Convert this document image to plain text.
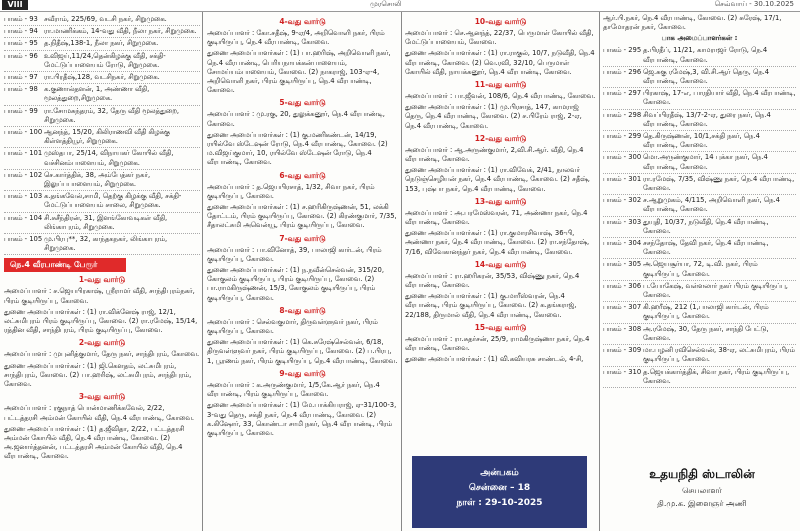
VIII	முரசொலி	செவ்வாய் - 30.10.2025
பாகம் - 93 சவீராம், 225/69, வடசி நகர், சிறுமுகை.
பாகம் - 94 ரா.மாணிக்கம், 14-வது வீதி, நீலா நகர், சிறுமுகை.
பாகம் - 95 த.நிதீஷ்,138-1, நீலா நகர், சிறுமுகை.
பாகம் - 96 உவிஜய்,11/24,தென்கிழக்கு வீதி, சக்தி-மேட்டுப்பாளையம் ரோடு, சிறுமுகை.
பாகம் - 97 ரா.பிரதீஷ்,128, வடசிநகர், சிறுமுகை.
பாகம் - 98 க.குணால்தளன், 1, அண்ணா வீதி, மூலத்துறை,சிறுமுகை.
பாகம் - 99 ரா.சோமசுந்தரம், 32, தேரு வீதி மூலத்துறை, சிறுமுகை.
பாகம் - 100 ஆனந்த், 15/20, கிலிராணவி வீதி கிழக்கு கிள்ளத்தியூர், சிறுமுகை.
பாகம் - 101 முஸ்தபா, 25/14, விநாயகர் கோயில் வீதி, வச்சினம்பாளையம், சிறுமுகை.
பாகம் - 102 செ.கார்த்திக், 38, அம்பேத்கர் நகர், இலுப்பபாளையம், சிறுமுகை.
பாகம் - 103 க.தங்கவேல்,சாமி, தெற்கு கிழக்கு வீதி, சக்தி-மேட்டுப்பாளையம் சாலை, சிறுமுகை.
பாகம் - 104 சி.சுசீந்திரன், 31, இளங்கோவடிகள் வீதி, லிங்காபுரம், சிறுமுகை.
பாகம் - 105 மு.பிரபு**, 32, காந்தகநகர், லிங்காபுரம், சிறுமுகை.
நெ.4 வீரபாண்டி பேரூர்
1-வது வார்டு

அமைப்பாளர் : ச.ஜெயபிரகாஷ், ஸ்ரீராமர் வீதி, சாந்திபுரம்நகர், பிரம் குடியிருப்பு, கோவை.

துணை அமைப்பாளர்கள் : (1) ரா.விக்னேஷ் ராஜ், 12/1, லட்சுமிபுரம் பிரம் குடியிருப்பு, கோவை. (2) ரா.ரமேஷ், 15/14, ரத்தின வீதி, சாந்திபுரம், பிரம் குடியிருப்பு, கோவை.

2-வது வார்டு

அமைப்பாளர் : முபுனித்குமார், தேரு நகர், சாந்திபுரம், கோவை.

துணை அமைப்பாளர்கள் : (1) ஜி.கௌதம், லட்சுமிபுரம், சாந்திபுரம், கோவை. (2) பா.ஹரிஷ், லட்சுமிபுரம், சாந்திபுரம், கோவை.

3-வது வார்டு

அமைப்பாளர் : ரகுநாத் பொன்மாணிக்கவேல், 2/22, பட்டத்தரசி அம்மன் கோயில் வீதி, நெ.4 வீரபாண்டி, கோவை.

துணை அமைப்பாளர்கள் : (1) த.ஜீவிதா, 2/22, பட்டத்தரசி அம்மன் கோயில் வீதி, நெ.4 வீரபாண்டி, கோவை. (2) அ.ஜனார்த்தனன், பட்டத்தரசி அம்மன் கோயில் வீதி, நெ.4 வீரபாண்டி, கோவை.

4-வது வார்டு

அமைப்பாளர் : கோ.சதீஷ், 9-ஏ/4, அறிவொளி நகர், பிரம் குடியிருப்பு, நெ.4 வீரபாண்டி, கோவை.

துணை அமைப்பாளர்கள் : (1) பா.ஹரிஷ், அறிவொளி நகர், நெ.4 வீரபாண்டி, பெரியநாயக்கன்பாளையம், சோமய்யம்பாளையம், கோவை. (2) நாகராஜ், 103-ஏ-4, அறிவொளி நகர், பிரம் குடியிருப்பு, நெ.4 வீரபாண்டி, கோவை.

5-வது வார்டு

அமைப்பாளர் : மு.ரகு, 20, துலுக்கனூர், நெ.4 வீரபாண்டி, கோவை.

துணை அமைப்பாளர்கள் : (1) கு.மணிகண்டன், 14/19, ரயில்வே ஸ்டேஷன் ரோடு, நெ.4 வீரபாண்டி, கோவை. (2) ம.விஜய்குமார், 10, ரயில்வே ஸ்டேஷன் ரோடு, நெ.4 வீரபாண்டி, கோவை.

6-வது வார்டு

அமைப்பாளர் : த.ஜெயபிரசாத், 1/32, சிவா நகர், பிரம் குடியிருப்பு, கோவை.

துணை அமைப்பாளர்கள் : (1) ச.ஹரிகிருஷ்ணன், 51, லக்கி தோட்டம், பிரம் குடியிருப்பு, கோவை. (2) கிரண்குமார், 7/35, சீதாலட்சுமி அவென்யூ, பிரம் குடியிருப்பு, கோவை.

7-வது வார்டு

அமைப்பாளர் : பா.வினோத், 39, பாலாஜி கார்டன், பிரம் குடியிருப்பு, கோவை.

துணை அமைப்பாளர்கள் : (1) ந.நவீன்செல்வன், 315/20, கோகுலம் குடியிருப்பு, பிரம் குடியிருப்பு, கோவை. (2) பா.ராமகிருஷ்ணன், 15/3, கோகுலம் குடியிருப்பு, பிரம் குடியிருப்பு, கோவை.

8-வது வார்டு

அமைப்பாளர் : செல்வகுமார், திருவள்ளுவர் நகர், பிரம் குடியிருப்பு, கோவை.

துணை அமைப்பாளர்கள் : (1) கெ.சுரேஷ்செல்வன், 6/18, திருவள்ளுவர் நகர், பிரம் குடியிருப்பு, கோவை. (2) ப.பிரபு, 1, பூரணம் நகர், பிரம் குடியிருப்பு, நெ.4 வீரபாண்டி, கோவை.

9-வது வார்டு

அமைப்பாளர் : க.அருண்குமார், 1/5,கே.ஆர் நகர், நெ.4 வீரபாண்டி, பிரம் குடியிருப்பு, கோவை.

துணை அமைப்பாளர்கள் : (1) மே.பாக்கியராஜ், ஏ-31/100-3, 3-வது தெரு, சக்தி நகர், நெ.4 வீரபாண்டி, கோவை. (2) க.கிஷோர், 33, கொண்டா சாமி நகர், நெ.4 வீரபாண்டி, பிரம் குடியிருப்பு, கோவை.

10-வது வார்டு

அமைப்பாளர் : செ.ஆனந்த், 22/37, பெருமாள் கோயில் வீதி, மேட்டுப்பாளையம், கோவை.

துணை அமைப்பாளர்கள் : (1) ரா.ராகுல், 10/7, நடுவீதி, நெ.4 வீரபாண்டி, கோவை. (2) வெ.ரவி, 32/10, பெருமாள் கோயில் வீதி, நாயக்கனூர், நெ.4 வீரபாண்டி, கோவை.

11-வது வார்டு

அமைப்பாளர் : பா.ஜீவன், 108/6, நெ.4 வீரபாண்டி, கோவை.

துணை அமைப்பாளர்கள் : (1) மு.பிரசாத், 147, காமராஜ் தெரு, நெ.4 வீரபாண்டி, கோவை. (2) ச.பிரேம் ராஜ், 2-ஏ, நெ.4 வீரபாண்டி, கோவை.

12-வது வார்டு

அமைப்பாளர் : ஆ.அருண்குமார், 2,வி.சி.ஆர். வீதி, நெ.4 வீரபாண்டி, கோவை.

துணை அமைப்பாளர்கள் : (1) ரா.விவேக், 2/41, நாலவர் நெடுஞ்செழியன் நகர், நெ.4 வீரபாண்டி, கோவை. (2) சதீஷ், 153, புஷ்பா நகர், நெ.4 வீரபாண்டி, கோவை.

13-வது வார்டு

அமைப்பாளர் : அ.பரமேஸ்வரன், 71, அண்ணா நகர், நெ.4 வீரபாண்டி, கோவை.

துணை அமைப்பாளர்கள் : (1) ரா.குமாரசிவாஷ், 36-பி, அண்ணா நகர், நெ.4 வீரபாண்டி, கோவை. (2) ரா.சந்தோஷ், 7/16, விவேகானந்தர் நகர், நெ.4 வீரபாண்டி, கோவை.

14-வது வார்டு

அமைப்பாளர் : ரா.ஹரிகரன், 35/53, விஷ்ணு நகர், நெ.4 வீரபாண்டி, கோவை.

துணை அமைப்பாளர்கள் : (1) கு.மாரீஸ்வரன், நெ.4 வீரபாண்டி, பிரம் குடியிருப்பு, கோவை. (2) க.தங்கராஜ், 22/188, திருமால் வீதி, நெ.4 வீரபாண்டி, கோவை.

15-வது வார்டு

அமைப்பாளர் : ரா.சுதர்சன், 25/9, ராமகிருஷ்ணா நகர், நெ.4 வீரபாண்டி, கோவை.

துணை அமைப்பாளர்கள் : (1) வி.கவியரசு சாண்டல், 4-சி,

அன்பகம்
சென்னை – 18
நாள் : 29-10-2025

ஆர்.பி.நகர், நெ.4 வீரபாண்டி, கோவை. (2) சுரேஷ், 17/1, தாமோதரன் நகர், கோவை.

பாக அமைப்பாளர்கள் :
பாகம் - 295 த.பிரதீப், 11/21, காமராஜர் ரோடு, நெ.4 வீரபாண்டி, கோவை.
பாகம் - 296 ஜெ.சுகு ரமேஷ்,3, வி.சி.ஆர் தெரு, நெ.4 வீரபாண்டி, கோவை.
பாகம் - 297 பிரகாஷ், 17-எ, பாரதியார் வீதி, நெ.4 வீரபாண்டி, கோவை.
பாகம் - 298 சிவப்பிரதீஷ், 13/7-2-ஏ, துரை நகர், நெ.4 வீரபாண்டி, கோவை.
பாகம் - 299 தெ.கிருஷ்ணன், 10/1,சக்தி நகர், நெ.4 வீரபாண்டி, கோவை.
பாகம் - 300 மொ.அருண்குமார், 14 புக்கா நகர், நெ.4 வீரபாண்டி, கோவை.
பாகம் - 301 ரா.ரமேஷ், 7/35, விஷ்ணு நகர், நெ.4 வீரபாண்டி, கோவை.
பாகம் - 302 ச.ஆறுமுகம், 4/115, அறிவொளி நகர், நெ.4 வீரபாண்டி, கோவை.
பாகம் - 303 துயுதி, 10/37, நடுவீதி, நெ.4 வீரபாண்டி, கோவை.
பாகம் - 304 சசந்தோஷ், தேவி நகர், நெ.4 வீரபாண்டி, கோவை.
பாகம் - 305 அ.ஜெயசூர்யா, 72, டி.வி. நகர், பிரம் குடியிருப்பு, கோவை.
பாகம் - 306 ப.யோகேஷ், வள்ளலார் நகர் பிரம் குடியிருப்பு, கோவை.
பாகம் - 307 கி.ஹரீஷ், 212 (1,பாலாஜி கார்டன், பிரம் குடியிருப்பு, கோவை.
பாகம் - 308 அ.ரமேஷ், 30, தேரு நகர், சாந்தி பேட்டு, கோவை.
பாகம் - 309 மா.பழனி ரவிசெல்வன், 38-ஏ, லட்சுமிபுரம், பிரம் குடியிருப்பு, கோவை.
பாகம் - 310 த.ஜெயக்கார்த்திக், சிவா நகர், பிரம் குடியிருப்பு, கோவை.
உதயநிதி ஸ்டாலின்
செயலாளர்
தி.மு.க. இளைஞர் அணி
